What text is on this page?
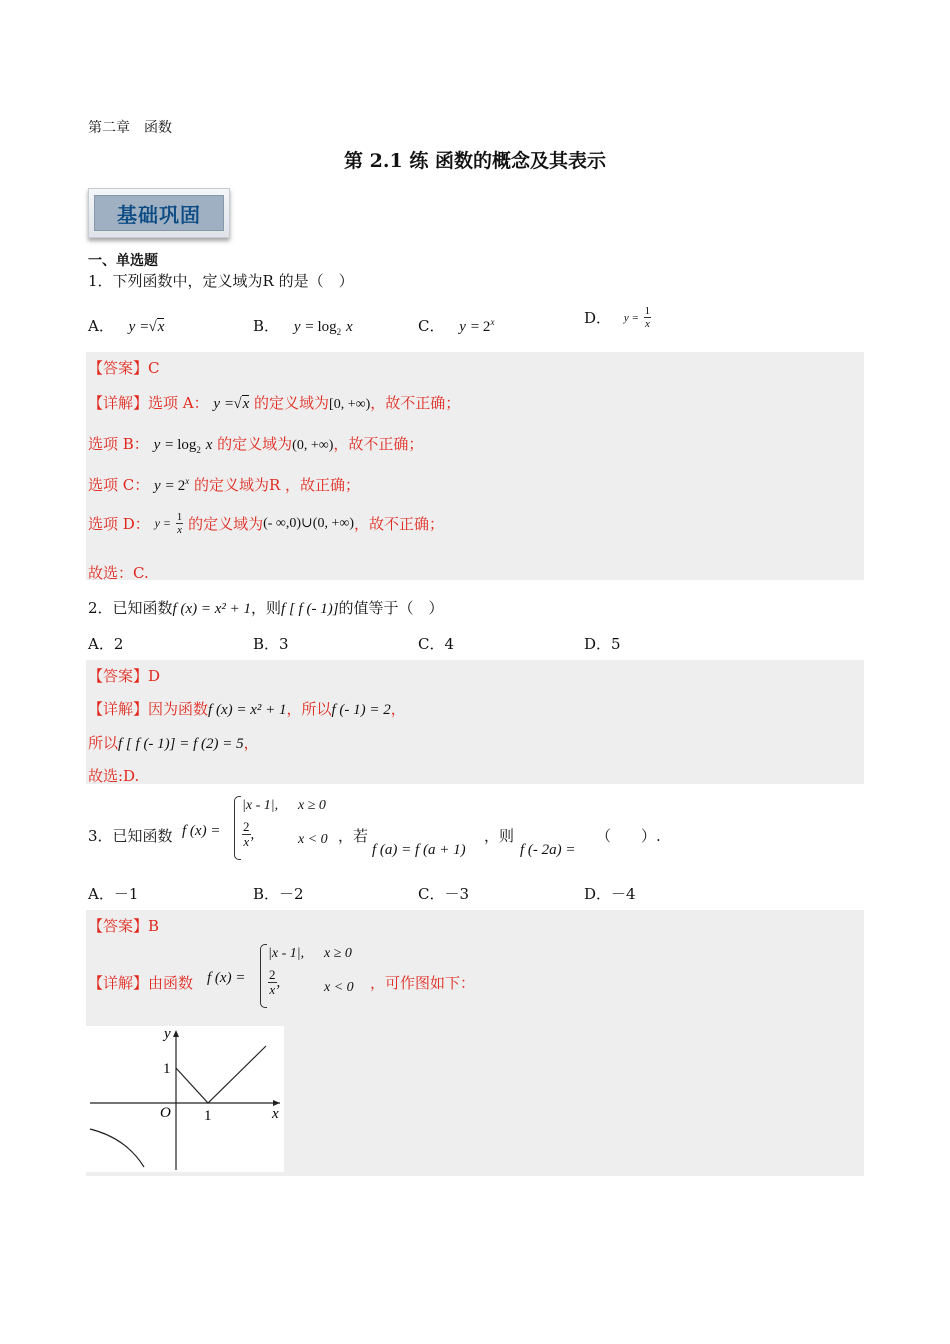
第二章　函数
第 2.1 练 函数的概念及其表示
基础巩固
一、单选题
1．下列函数中，定义域为R 的是（　）
A． y =√x	B． $y = \log_2 x$	C． $y = 2^x$	D． $y = \frac{1}{x}$
【答案】C
【详解】选项 A： y =√x 的定义域为[0, +∞)，故不正确；
选项 B： $y = \log_2 x$ 的定义域为(0, +∞)，故不正确；
选项 C： $y = 2^x$ 的定义域为R ，故正确；
选项 D： $y = \frac{1}{x}$ 的定义域为(- ∞,0)∪(0, +∞)，故不正确；
故选：C.
2．已知函数f (x) = x² + 1，则f [ f (- 1)]的值等于（　）
A．2	B．3	C．4	D．5
【答案】D
【详解】因为函数f (x) = x² + 1，所以f (- 1) = 2，
所以f [ f (- 1)] = f (2) = 5，
故选:D.
3．已知函数 f (x) =
|x - 1|, x ≥ 0
$\frac{2}{x}$ ,	x < 0 ，若
f (a) = f (a + 1)
，则
f (- 2a) =
（　　）.
A．－1	B．－2	C．－3	D．－4
【答案】B
【详解】由函数 f (x) =
|x - 1|, x ≥ 0
$\frac{2}{x}$ ,	x < 0 ，可作图如下：
y
x
O
1
1
